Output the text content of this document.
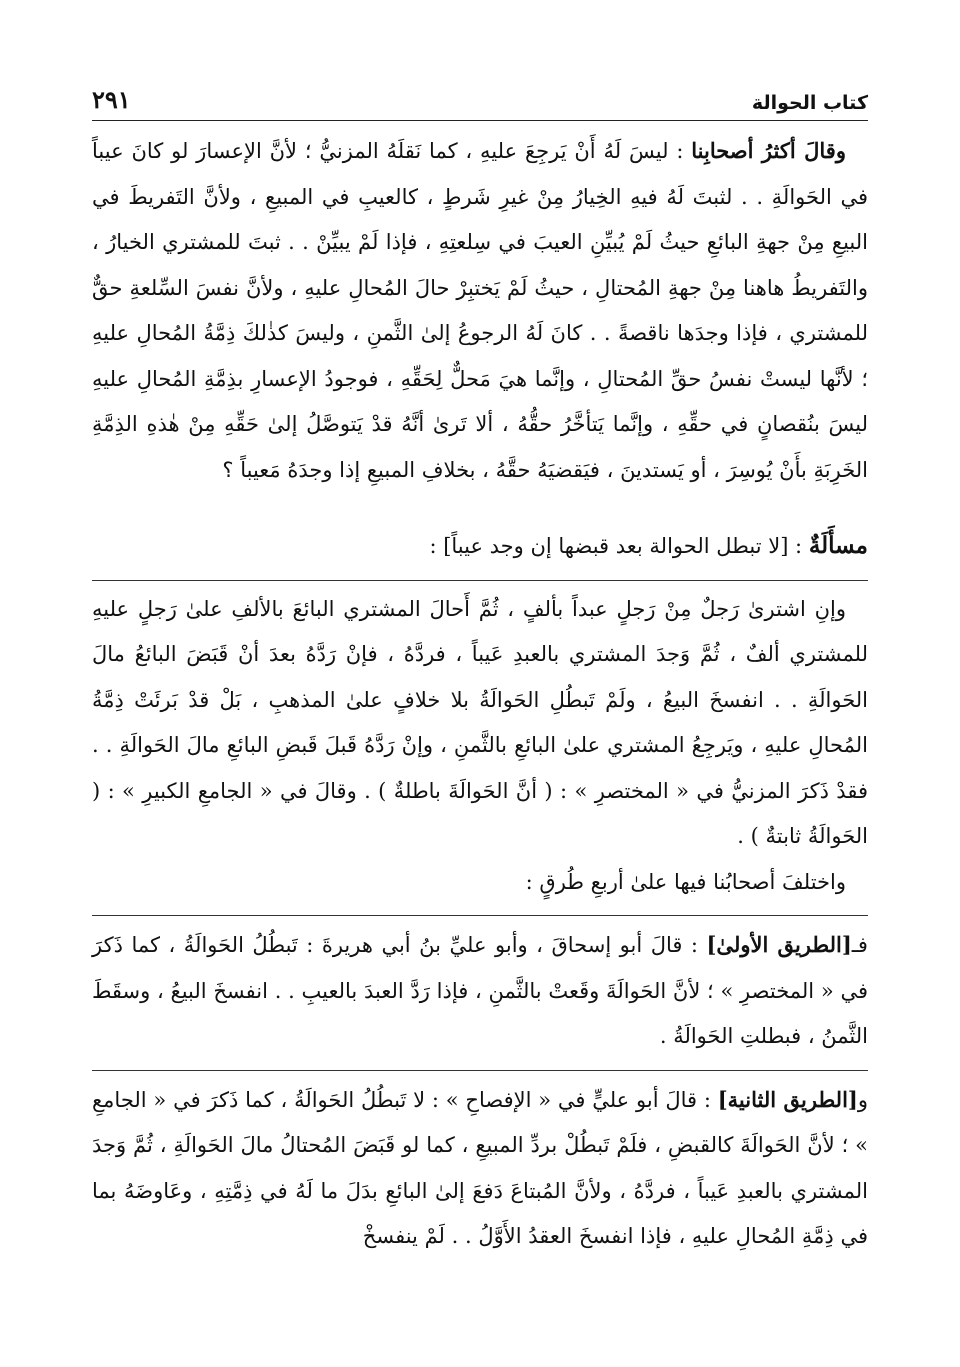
كتاب الحوالة
٢٩١

وقالَ أكثرُ أصحابِنا : ليسَ لَهُ أَنْ يَرجِعَ عليهِ ، كما نَقلَهُ المزنيُّ ؛ لأنَّ الإعسارَ لو كانَ عيباً في الحَوالَةِ . . لثبتَ لَهُ فيهِ الخِيارُ مِنْ غيرِ شَرطٍ ، كالعيبِ في المبيعِ ، ولأنَّ التَفريطَ في البيعِ مِنْ جهةِ البائعِ حيثُ لَمْ يُبيِّنِ العيبَ في سِلعتِهِ ، فإذا لَمْ يبيِّنْ . . ثبتَ للمشتري الخيارُ ، والتَفريطُ هاهنا مِنْ جهةِ المُحتالِ ، حيثُ لَمْ يَختبِرْ حالَ المُحالِ عليهِ ، ولأنَّ نفسَ السِّلعةِ حقٌّ للمشتري ، فإذا وجدَها ناقصةً . . كانَ لَهُ الرجوعُ إلىٰ الثَّمنِ ، وليسَ كذٰلكَ ذِمَّةُ المُحالِ عليهِ ؛ لأنَّها ليستْ نفسُ حقِّ المُحتالِ ، وإنَّما هيَ مَحلٌّ لِحَقِّهِ ، فوجودُ الإعسارِ بذِمَّةِ المُحالِ عليهِ ليسَ بنُقصانٍ في حقِّهِ ، وإنَّما يَتأخَّرُ حقُّهُ ، ألا تَرىٰ أنَّهُ قدْ يَتوصَّلُ إلىٰ حَقِّهِ مِنْ هٰذهِ الذِمَّةِ الخَرِبَةِ بأَنْ يُوسِرَ ، أو يَستدينَ ، فيَقضيَهُ حقَّهُ ، بخلافِ المبيعِ إذا وجدَهُ مَعيباً ؟

مسأَلَةٌ : [لا تبطل الحوالة بعد قبضها إن وجد عيباً] :

وإنِ اشترىٰ رَجلٌ مِنْ رَجلٍ عبداً بألفٍ ، ثُمَّ أَحالَ المشتري البائعَ بالألفِ علىٰ رَجلٍ عليهِ للمشتري ألفٌ ، ثُمَّ وَجدَ المشتري بالعبدِ عَيباً ، فردَّهُ ، فإنْ رَدَّهُ بعدَ أنْ قَبَضَ البائعُ مالَ الحَوالَةِ . . انفسخَ البيعُ ، ولَمْ تَبطُلِ الحَوالَةُ بلا خلافٍ علىٰ المذهبِ ، بَلْ قدْ بَرئَتْ ذِمَّةُ المُحالِ عليهِ ، ويَرجِعُ المشتري علىٰ البائعِ بالثَّمنِ ، وإنْ رَدَّهُ قَبلَ قَبضِ البائعِ مالَ الحَوالَةِ . . فقدْ ذَكرَ المزنيُّ في « المختصرِ » : ( أنَّ الحَوالَةَ باطلةٌ ) . وقالَ في « الجامعِ الكبيرِ » : ( الحَوالَةُ ثابتةٌ ) .

واختلفَ أصحابُنا فيها علىٰ أربعِ طُرقٍ :

فـ[الطريق الأولىٰ] : قالَ أبو إسحاقَ ، وأبو عليِّ بنُ أبي هريرةَ : تَبطُلُ الحَوالَةُ ، كما ذَكرَ في « المختصرِ » ؛ لأنَّ الحَوالَةَ وقَعتْ بالثَّمنِ ، فإذا رَدَّ العبدَ بالعيبِ . . انفسخَ البيعُ ، وسقَطَ الثَّمنُ ، فبطلتِ الحَوالَةُ .

و[الطريق الثانية] : قالَ أبو عليٍّ في « الإفصاحِ » : لا تَبطُلُ الحَوالَةُ ، كما ذَكرَ في « الجامعِ » ؛ لأنَّ الحَوالَةَ كالقبضِ ، فلَمْ تَبطُلْ بردِّ المبيعِ ، كما لو قَبَضَ المُحتالُ مالَ الحَوالَةِ ، ثُمَّ وَجدَ المشتري بالعبدِ عَيباً ، فردَّهُ ، ولأنَّ المُبتاعَ دَفعَ إلىٰ البائعِ بدَلَ ما لَهُ في ذِمَّتِهِ ، وعَاوضَهُ بما في ذِمَّةِ المُحالِ عليهِ ، فإذا انفسخَ العقدُ الأَوَّلُ . . لَمْ ينفسخْ
